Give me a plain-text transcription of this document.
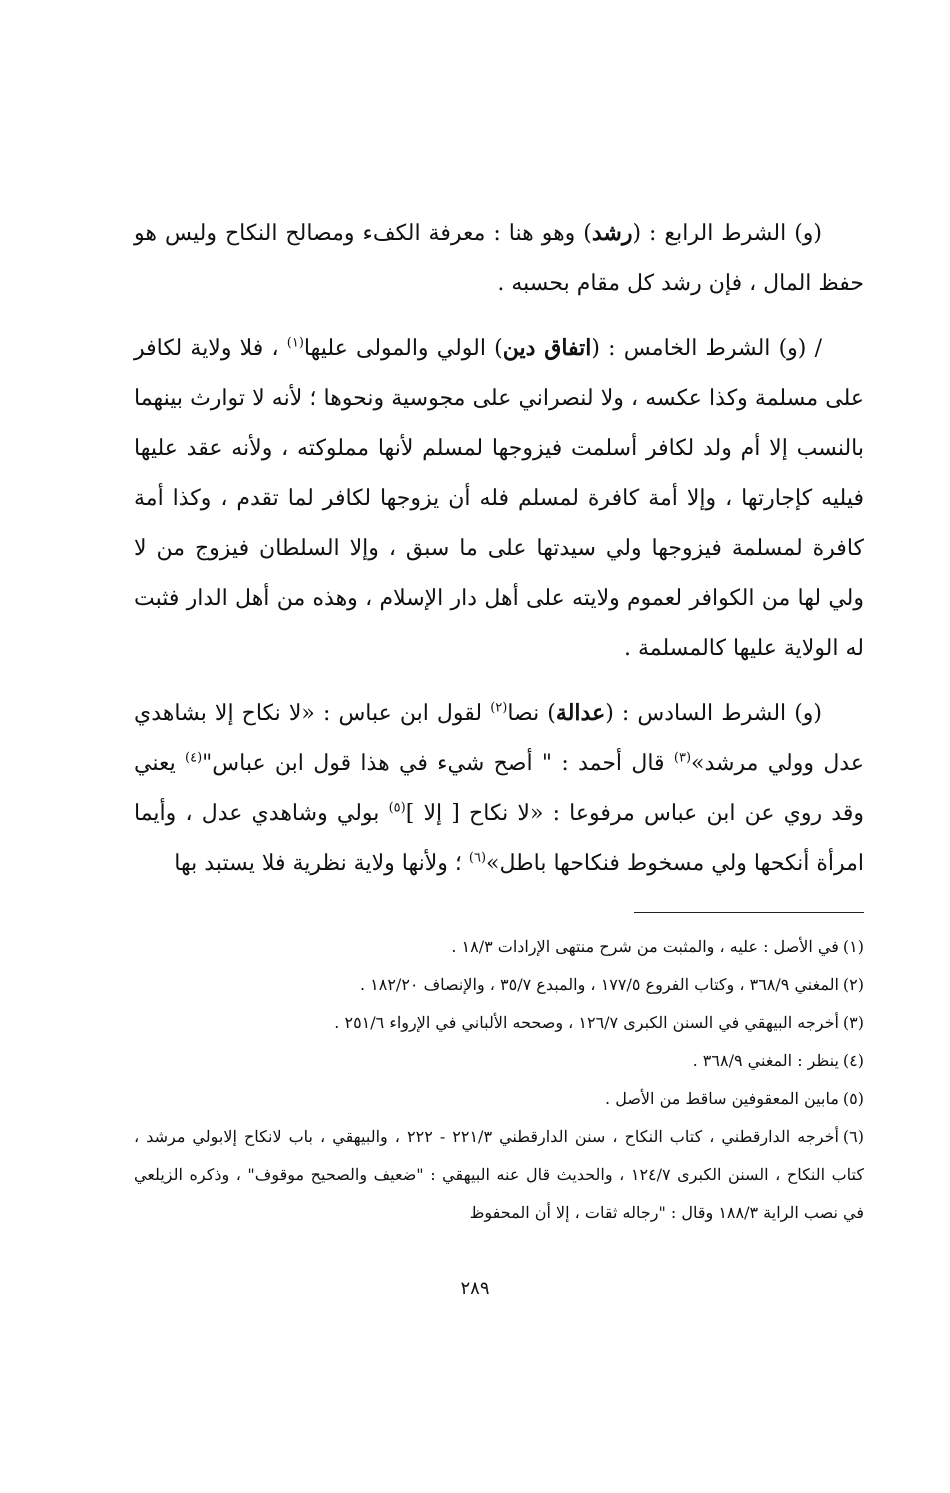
(و) الشرط الرابع : (رشد) وهو هنا : معرفة الكفء ومصالح النكاح وليس هو حفظ المال ، فإن رشد كل مقام بحسبه .

/ (و) الشرط الخامس : (اتفاق دين) الولي والمولى عليها$^{(١)}$ ، فلا ولاية لكافر على مسلمة وكذا عكسه ، ولا لنصراني على مجوسية ونحوها ؛ لأنه لا توارث بينهما بالنسب إلا أم ولد لكافر أسلمت فيزوجها لمسلم لأنها مملوكته ، ولأنه عقد عليها فيليه كإجارتها ، وإلا أمة كافرة لمسلم فله أن يزوجها لكافر لما تقدم ، وكذا أمة كافرة لمسلمة فيزوجها ولي سيدتها على ما سبق ، وإلا السلطان فيزوج من لا ولي لها من الكوافر لعموم ولايته على أهل دار الإسلام ، وهذه من أهل الدار فثبت له الولاية عليها كالمسلمة .

(و) الشرط السادس : (عدالة) نصا$^{(٢)}$ لقول ابن عباس : «لا نكاح إلا بشاهدي عدل وولي مرشد»$^{(٣)}$ قال أحمد : " أصح شيء في هذا قول ابن عباس"$^{(٤)}$ يعني وقد روي عن ابن عباس مرفوعا : «لا نكاح [ إلا ]$^{(٥)}$ بولي وشاهدي عدل ، وأيما امرأة أنكحها ولي مسخوط فنكاحها باطل»$^{(٦)}$ ؛ ولأنها ولاية نظرية فلا يستبد بها

(١)في الأصل : عليه ، والمثبت من شرح منتهى الإرادات ١٨/٣ .

(٢)المغني ٣٦٨/٩ ، وكتاب الفروع ١٧٧/٥ ، والمبدع ٣٥/٧ ، والإنصاف ١٨٢/٢٠ .

(٣)أخرجه البيهقي في السنن الكبرى ١٢٦/٧ ، وصححه الألباني في الإرواء ٢٥١/٦ .

(٤)ينظر : المغني ٣٦٨/٩ .

(٥)مابين المعقوفين ساقط من الأصل .

(٦)أخرجه الدارقطني ، كتاب النكاح ، سنن الدارقطني ٢٢١/٣ - ٢٢٢ ، والبيهقي ، باب لانكاح إلابولي مرشد ، كتاب النكاح ، السنن الكبرى ١٢٤/٧ ، والحديث قال عنه البيهقي : "ضعيف والصحيح موقوف" ، وذكره الزيلعي في نصب الراية ١٨٨/٣ وقال : "رجاله ثقات ، إلا أن المحفوظ

٢٨٩
